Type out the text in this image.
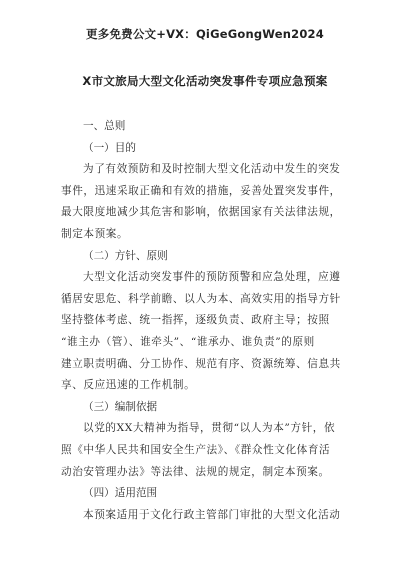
更多免费公文+VX：QiGeGongWen2024
X市文旅局大型文化活动突发事件专项应急预案

一、总则

（一）目的

为了有效预防和及时控制大型文化活动中发生的突发
事件，迅速采取正确和有效的措施，妥善处置突发事件，
最大限度地减少其危害和影响，依据国家有关法律法规，
制定本预案。

（二）方针、原则

大型文化活动突发事件的预防预警和应急处理，应遵
循居安思危、科学前瞻、以人为本、高效实用的指导方针
坚持整体考虑、统一指挥，逐级负责、政府主导；按照
“谁主办（管）、谁牵头”、“谁承办、谁负责”的原则
建立职责明确、分工协作、规范有序、资源统筹、信息共
享、反应迅速的工作机制。

（三）编制依据

以党的XX大精神为指导，贯彻“以人为本”方针，依
照《中华人民共和国安全生产法》、《群众性文化体育活
动治安管理办法》等法律、法规的规定，制定本预案。

（四）适用范围

本预案适用于文化行政主管部门审批的大型文化活动
